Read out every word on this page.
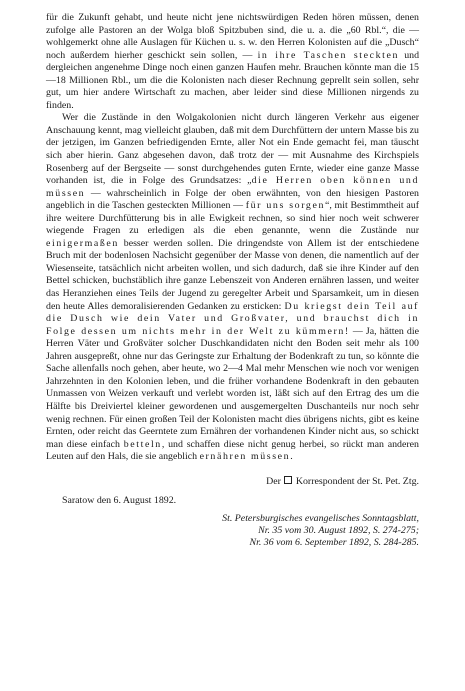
für die Zukunft gehabt, und heute nicht jene nichtswürdigen Reden hören müssen, denen zufolge alle Pastoren an der Wolga bloß Spitzbuben sind, die u. a. die „60 Rbl.“, die — wohlgemerkt ohne alle Auslagen für Küchen u. s. w. den Herren Kolonisten auf die „Dusch“ noch außerdem hierher geschickt sein sollen, — in ihre Taschen steckten und dergleichen angenehme Dinge noch einen ganzen Haufen mehr. Brauchen könnte man die 15—18 Millionen Rbl., um die die Kolonisten nach dieser Rechnung geprellt sein sollen, sehr gut, um hier andere Wirtschaft zu machen, aber leider sind diese Millionen nirgends zu finden.

Wer die Zustände in den Wolgakolonien nicht durch längeren Verkehr aus eigener Anschauung kennt, mag vielleicht glauben, daß mit dem Durchfüttern der untern Masse bis zu der jetzigen, im Ganzen befriedigenden Ernte, aller Not ein Ende gemacht fei, man täuscht sich aber hierin. Ganz abgesehen davon, daß trotz der — mit Ausnahme des Kirchspiels Rosenberg auf der Bergseite — sonst durchgehendes guten Ernte, wieder eine ganze Masse vorhanden ist, die in Folge des Grundsatzes: „die Herren oben können und müssen — wahrscheinlich in Folge der oben erwähnten, von den hiesigen Pastoren angeblich in die Taschen gesteckten Millionen — für uns sorgen“, mit Bestimmtheit auf ihre weitere Durchfütterung bis in alle Ewigkeit rechnen, so sind hier noch weit schwerer wiegende Fragen zu erledigen als die eben genannte, wenn die Zustände nur einigermaßen besser werden sollen. Die dringendste von Allem ist der entschiedene Bruch mit der bodenlosen Nachsicht gegenüber der Masse von denen, die namentlich auf der Wiesenseite, tatsächlich nicht arbeiten wollen, und sich dadurch, daß sie ihre Kinder auf den Bettel schicken, buchstäblich ihre ganze Lebenszeit von Anderen ernähren lassen, und weiter das Heranziehen eines Teils der Jugend zu geregelter Arbeit und Sparsamkeit, um in diesen den heute Alles demoralisierenden Gedanken zu ersticken: Du kriegst dein Teil auf die Dusch wie dein Vater und Großvater, und brauchst dich in Folge dessen um nichts mehr in der Welt zu kümmern! — Ja, hätten die Herren Väter und Großväter solcher Duschkandidaten nicht den Boden seit mehr als 100 Jahren ausgepreßt, ohne nur das Geringste zur Erhaltung der Bodenkraft zu tun, so könnte die Sache allenfalls noch gehen, aber heute, wo 2—4 Mal mehr Menschen wie noch vor wenigen Jahrzehnten in den Kolonien leben, und die früher vorhandene Bodenkraft in den gebauten Unmassen von Weizen verkauft und verlebt worden ist, läßt sich auf den Ertrag des um die Hälfte bis Dreiviertel kleiner gewordenen und ausgemergelten Duschanteils nur noch sehr wenig rechnen. Für einen großen Teil der Kolonisten macht dies übrigens nichts, gibt es keine Ernten, oder reicht das Geerntete zum Ernähren der vorhandenen Kinder nicht aus, so schickt man diese einfach betteln, und schaffen diese nicht genug herbei, so rückt man anderen Leuten auf den Hals, die sie angeblich ernähren müssen.

Der Korrespondent der St. Pet. Ztg.
Saratow den 6. August 1892.
St. Petersburgisches evangelisches Sonntagsblatt,
Nr. 35 vom 30. August 1892, S. 274-275;
Nr. 36 vom 6. September 1892, S. 284-285.
